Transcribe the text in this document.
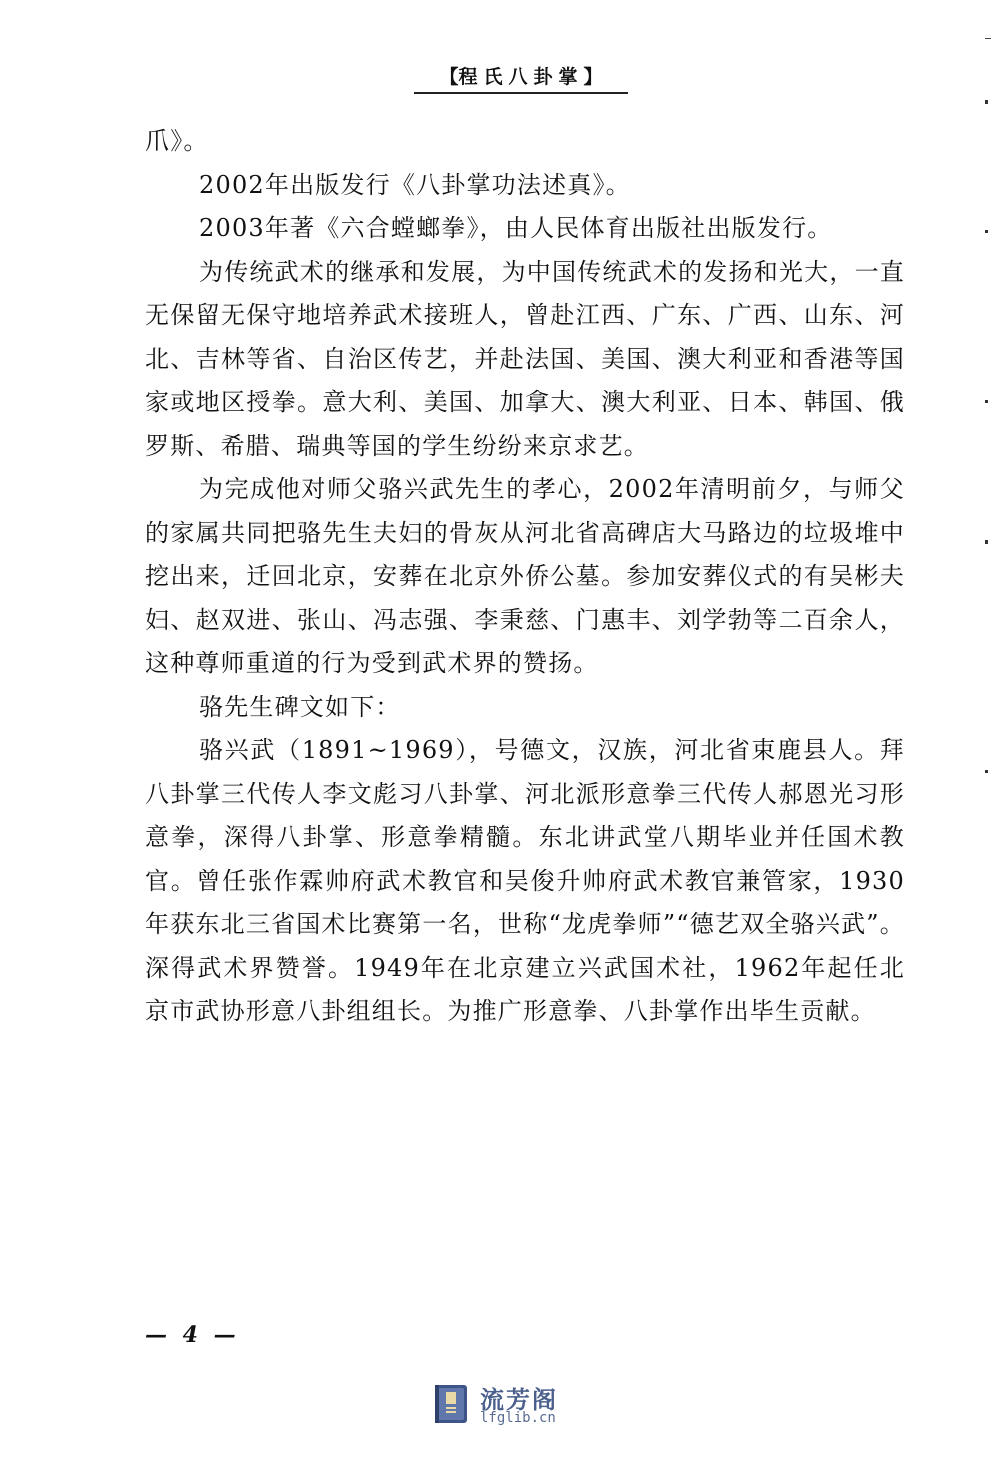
【程氏八卦掌】

爪》。

2002年出版发行《八卦掌功法述真》。

2003年著《六合螳螂拳》，由人民体育出版社出版发行。

为传统武术的继承和发展，为中国传统武术的发扬和光大，一直无保留无保守地培养武术接班人，曾赴江西、广东、广西、山东、河北、吉林等省、自治区传艺，并赴法国、美国、澳大利亚和香港等国家或地区授拳。意大利、美国、加拿大、澳大利亚、日本、韩国、俄罗斯、希腊、瑞典等国的学生纷纷来京求艺。

为完成他对师父骆兴武先生的孝心，2002年清明前夕，与师父的家属共同把骆先生夫妇的骨灰从河北省高碑店大马路边的垃圾堆中挖出来，迁回北京，安葬在北京外侨公墓。参加安葬仪式的有吴彬夫妇、赵双进、张山、冯志强、李秉慈、门惠丰、刘学勃等二百余人，这种尊师重道的行为受到武术界的赞扬。

骆先生碑文如下：

骆兴武（1891~1969），号德文，汉族，河北省束鹿县人。拜八卦掌三代传人李文彪习八卦掌、河北派形意拳三代传人郝恩光习形意拳，深得八卦掌、形意拳精髓。东北讲武堂八期毕业并任国术教官。曾任张作霖帅府武术教官和吴俊升帅府武术教官兼管家，1930年获东北三省国术比赛第一名，世称“龙虎拳师”“德艺双全骆兴武”。深得武术界赞誉。1949年在北京建立兴武国术社，1962年起任北京市武协形意八卦组组长。为推广形意拳、八卦掌作出毕生贡献。

— 4 —
流芳阁
lfglib.cn
